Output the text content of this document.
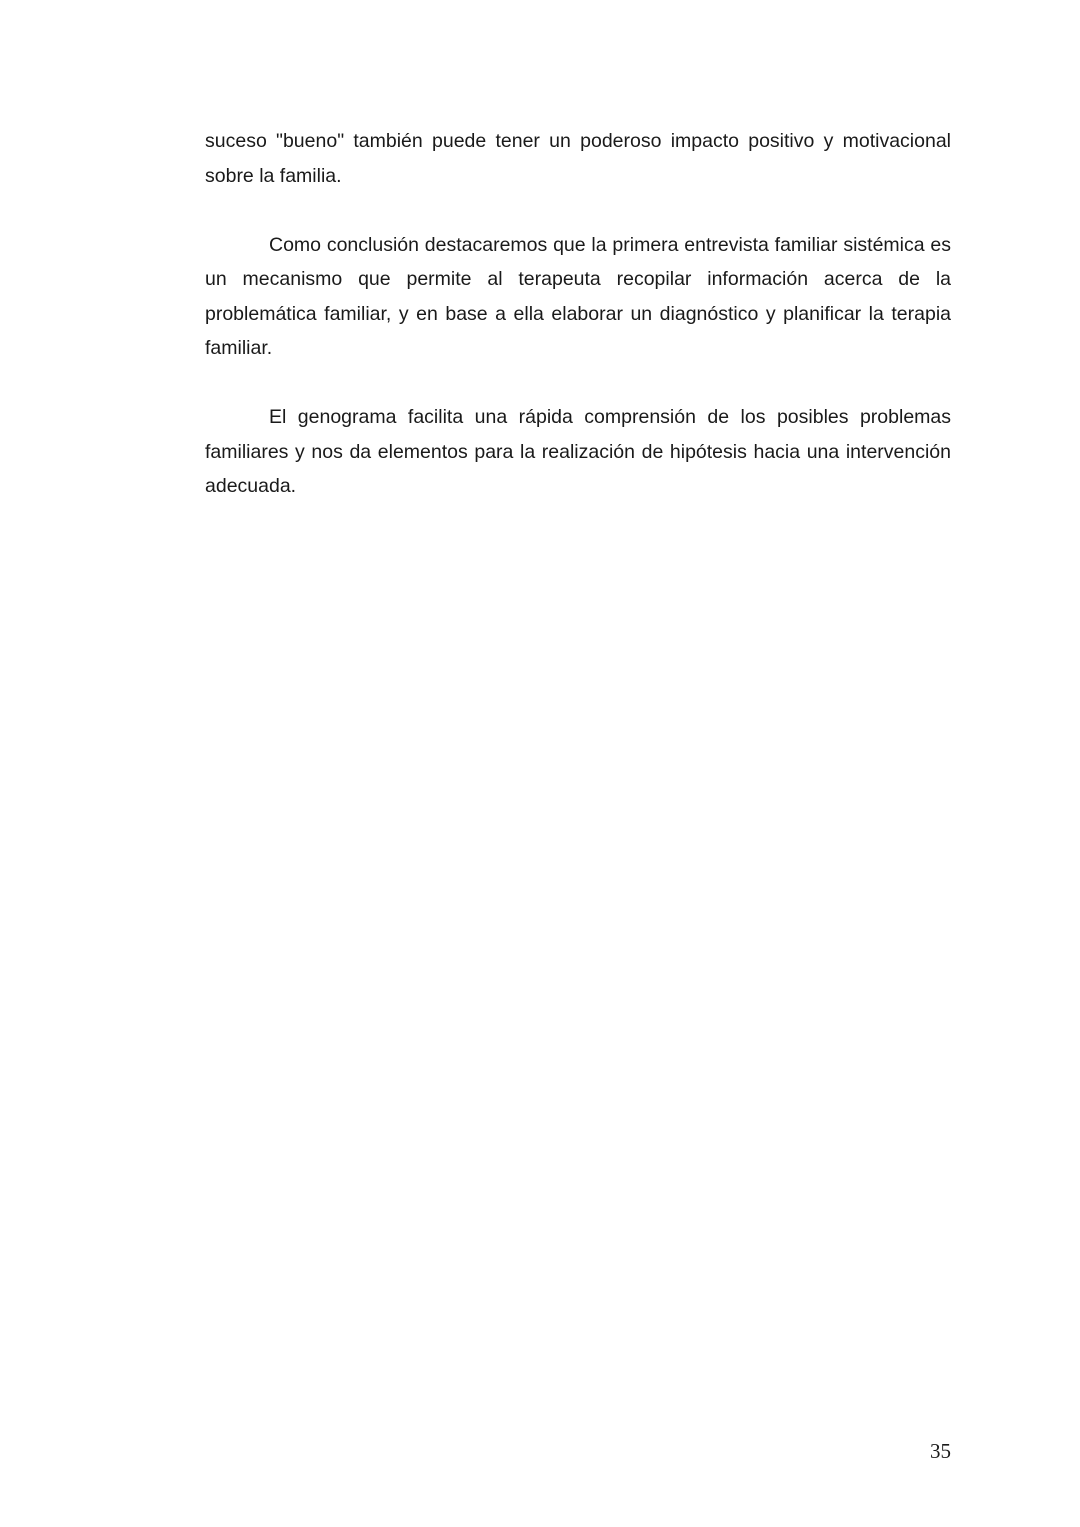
suceso "bueno" también puede tener un poderoso impacto positivo y motivacional sobre la familia.

Como conclusión destacaremos que la primera entrevista familiar sistémica es un mecanismo que permite al terapeuta recopilar información acerca de la problemática familiar, y en base a ella elaborar un diagnóstico y planificar la terapia familiar.

El genograma facilita una rápida comprensión de los posibles problemas familiares y nos da elementos para la realización de hipótesis hacia una intervención adecuada.

35
